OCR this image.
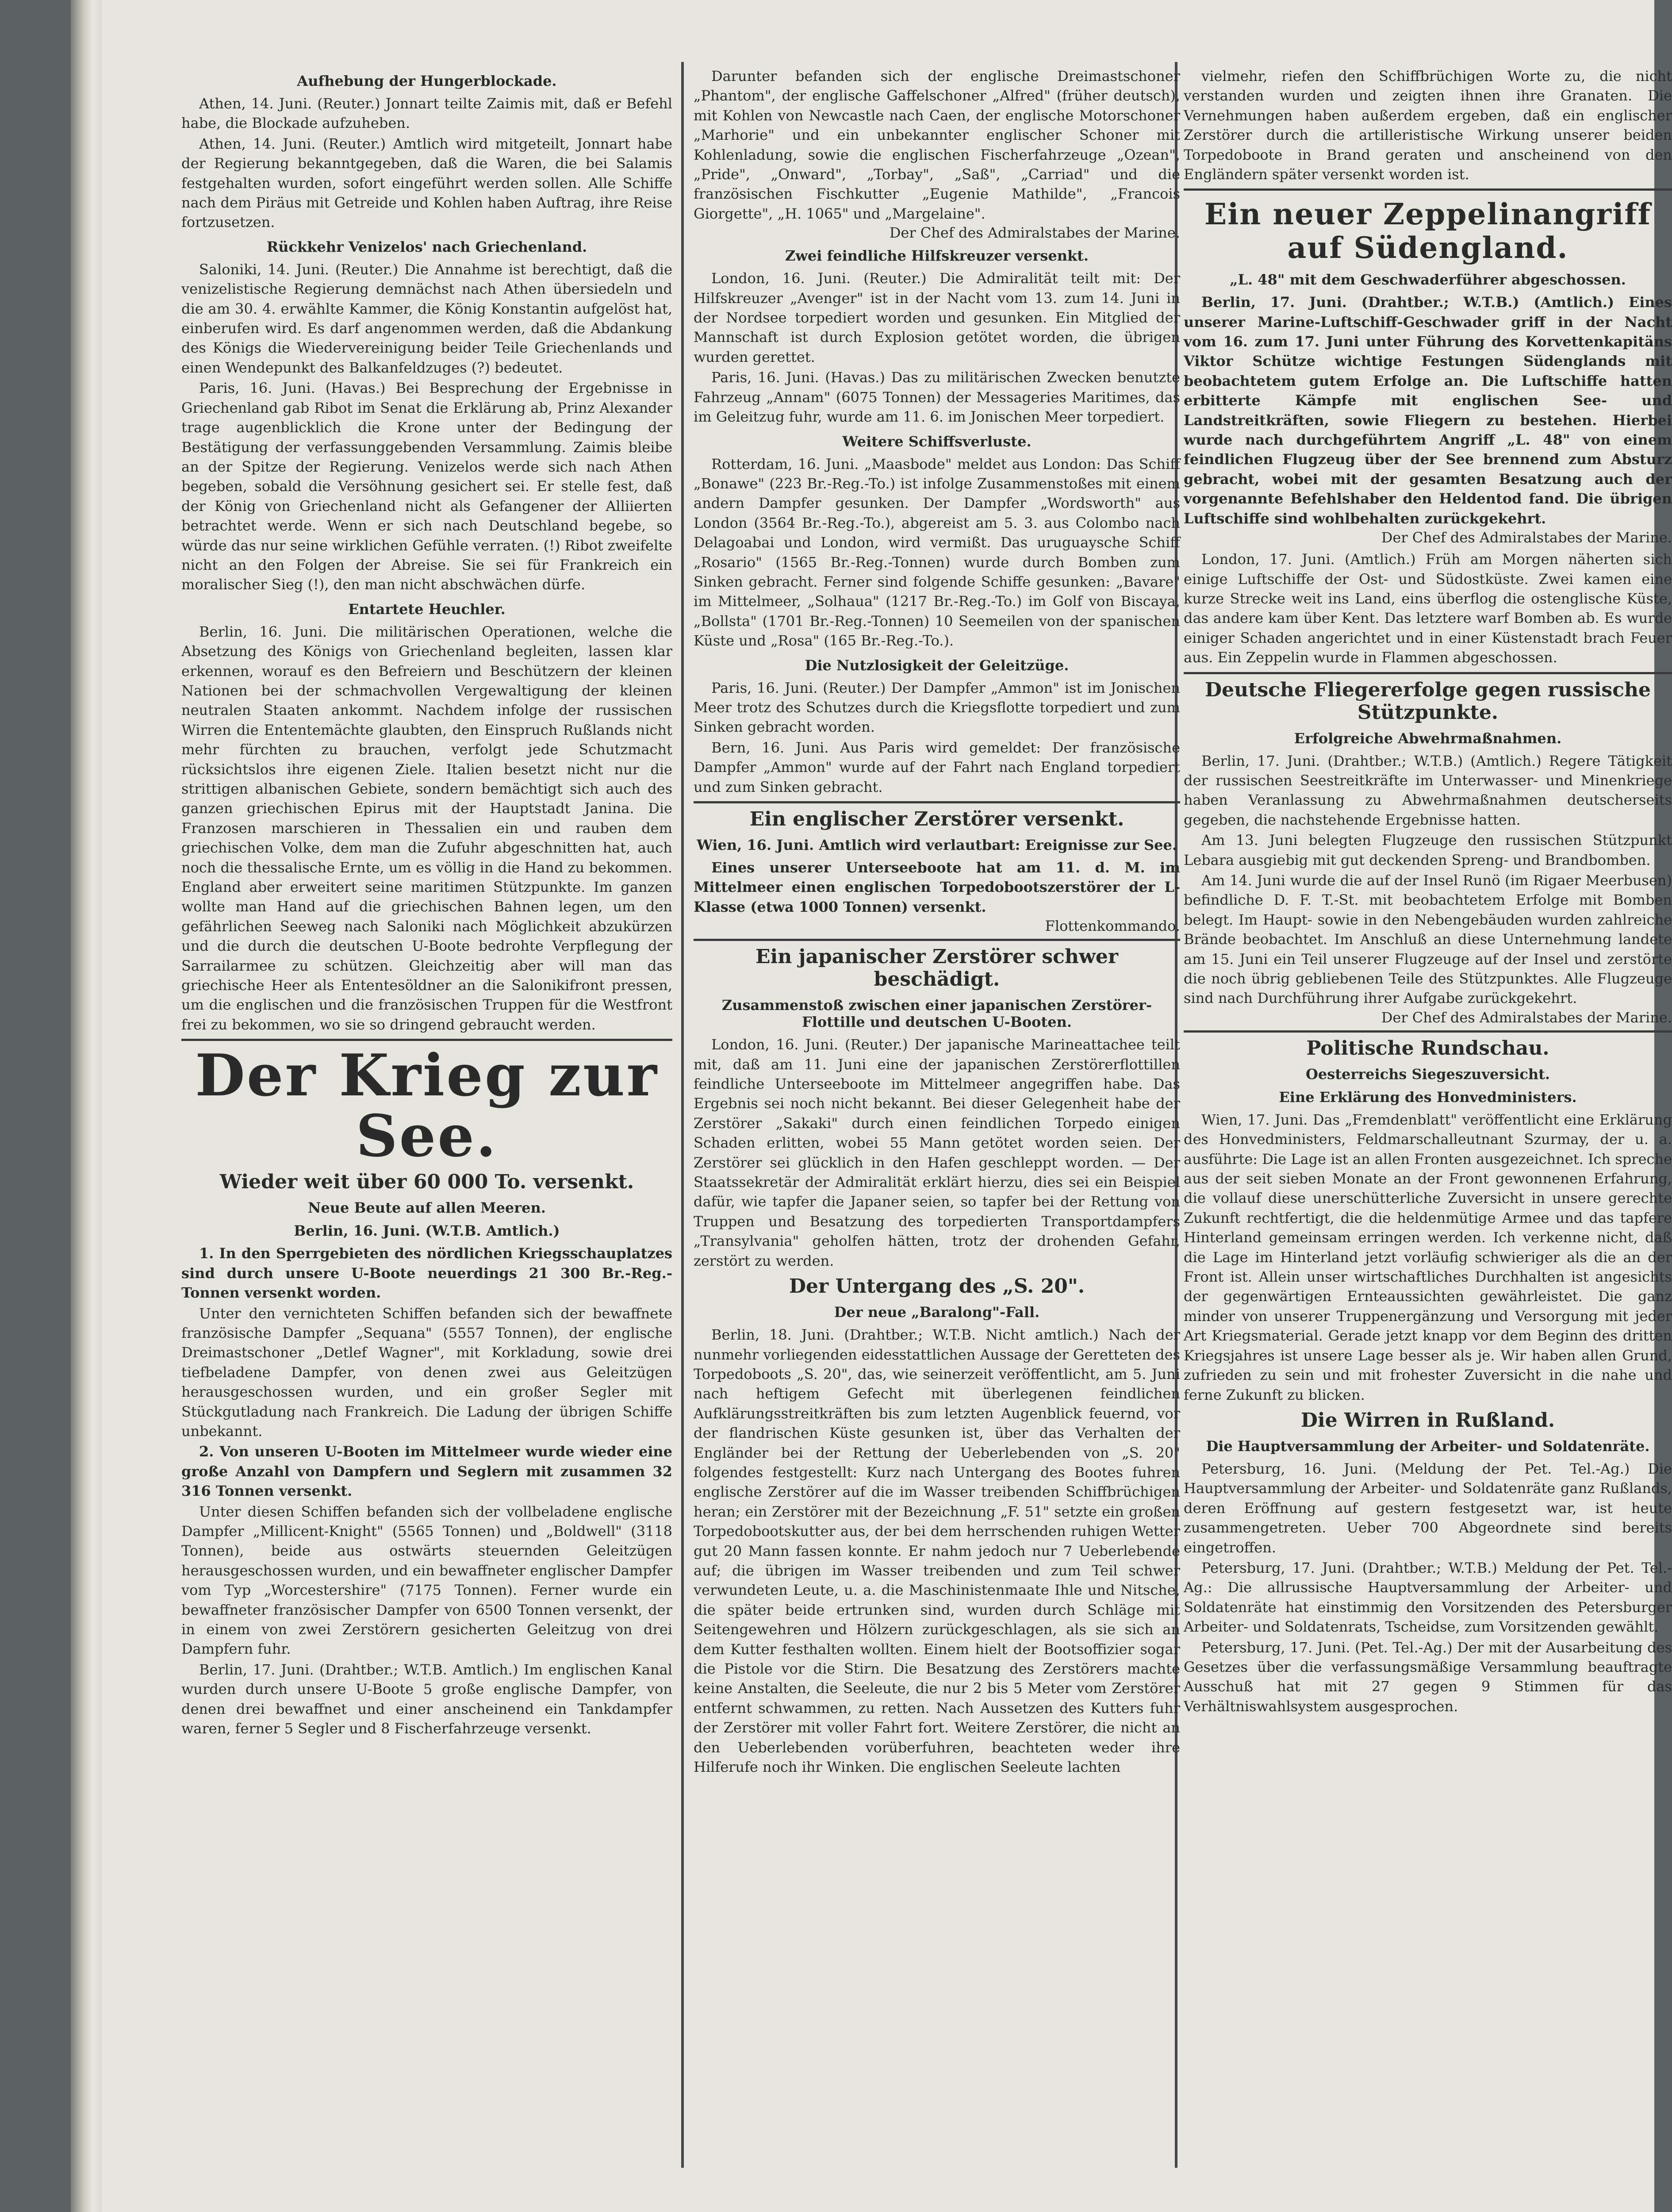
Aufhebung der Hungerblockade.
Athen, 14. Juni. (Reuter.) Jonnart teilte Zaimis mit, daß er Befehl habe, die Blockade aufzuheben.
Athen, 14. Juni. (Reuter.) Amtlich wird mitgeteilt, Jonnart habe der Regierung bekanntgegeben, daß die Waren, die bei Salamis festgehalten wurden, sofort eingeführt werden sollen. Alle Schiffe nach dem Piräus mit Getreide und Kohlen haben Auftrag, ihre Reise fortzusetzen.
Rückkehr Venizelos' nach Griechenland.
Saloniki, 14. Juni. (Reuter.) Die Annahme ist berechtigt, daß die venizelistische Regierung demnächst nach Athen übersiedeln und die am 30. 4. erwählte Kammer, die König Konstantin aufgelöst hat, einberufen wird. Es darf angenommen werden, daß die Abdankung des Königs die Wiedervereinigung beider Teile Griechenlands und einen Wendepunkt des Balkanfeldzuges (?) bedeutet.
Paris, 16. Juni. (Havas.) Bei Besprechung der Ergebnisse in Griechenland gab Ribot im Senat die Erklärung ab, Prinz Alexander trage augenblicklich die Krone unter der Bedingung der Bestätigung der verfassunggebenden Versammlung. Zaimis bleibe an der Spitze der Regierung. Venizelos werde sich nach Athen begeben, sobald die Versöhnung gesichert sei. Er stelle fest, daß der König von Griechenland nicht als Gefangener der Alliierten betrachtet werde. Wenn er sich nach Deutschland begebe, so würde das nur seine wirklichen Gefühle verraten. (!) Ribot zweifelte nicht an den Folgen der Abreise. Sie sei für Frankreich ein moralischer Sieg (!), den man nicht abschwächen dürfe.
Entartete Heuchler.
Berlin, 16. Juni. Die militärischen Operationen, welche die Absetzung des Königs von Griechenland begleiten, lassen klar erkennen, worauf es den Befreiern und Beschützern der kleinen Nationen bei der schmachvollen Vergewaltigung der kleinen neutralen Staaten ankommt. Nachdem infolge der russischen Wirren die Ententemächte glaubten, den Einspruch Rußlands nicht mehr fürchten zu brauchen, verfolgt jede Schutzmacht rücksichtslos ihre eigenen Ziele. Italien besetzt nicht nur die strittigen albanischen Gebiete, sondern bemächtigt sich auch des ganzen griechischen Epirus mit der Hauptstadt Janina. Die Franzosen marschieren in Thessalien ein und rauben dem griechischen Volke, dem man die Zufuhr abgeschnitten hat, auch noch die thessalische Ernte, um es völlig in die Hand zu bekommen. England aber erweitert seine maritimen Stützpunkte. Im ganzen wollte man Hand auf die griechischen Bahnen legen, um den gefährlichen Seeweg nach Saloniki nach Möglichkeit abzukürzen und die durch die deutschen U-Boote bedrohte Verpflegung der Sarrailarmee zu schützen. Gleichzeitig aber will man das griechische Heer als Ententesöldner an die Salonikifront pressen, um die englischen und die französischen Truppen für die Westfront frei zu bekommen, wo sie so dringend gebraucht werden.
Der Krieg zur See.
Wieder weit über 60 000 To. versenkt.
Neue Beute auf allen Meeren.
Berlin, 16. Juni. (W.T.B. Amtlich.)
1. In den Sperrgebieten des nördlichen Kriegsschauplatzes sind durch unsere U-Boote neuerdings 21 300 Br.-Reg.-Tonnen versenkt worden.
Unter den vernichteten Schiffen befanden sich der bewaffnete französische Dampfer „Sequana" (5557 Tonnen), der englische Dreimastschoner „Detlef Wagner", mit Korkladung, sowie drei tiefbeladene Dampfer, von denen zwei aus Geleitzügen herausgeschossen wurden, und ein großer Segler mit Stückgutladung nach Frankreich. Die Ladung der übrigen Schiffe unbekannt.
2. Von unseren U-Booten im Mittelmeer wurde wieder eine große Anzahl von Dampfern und Seglern mit zusammen 32 316 Tonnen versenkt.
Unter diesen Schiffen befanden sich der vollbeladene englische Dampfer „Millicent-Knight" (5565 Tonnen) und „Boldwell" (3118 Tonnen), beide aus ostwärts steuernden Geleitzügen herausgeschossen wurden, und ein bewaffneter englischer Dampfer vom Typ „Worcestershire" (7175 Tonnen). Ferner wurde ein bewaffneter französischer Dampfer von 6500 Tonnen versenkt, der in einem von zwei Zerstörern gesicherten Geleitzug von drei Dampfern fuhr.
Berlin, 17. Juni. (Drahtber.; W.T.B. Amtlich.) Im englischen Kanal wurden durch unsere U-Boote 5 große englische Dampfer, von denen drei bewaffnet und einer anscheinend ein Tankdampfer waren, ferner 5 Segler und 8 Fischerfahrzeuge versenkt.
Darunter befanden sich der englische Dreimastschoner „Phantom", der englische Gaffelschoner „Alfred" (früher deutsch), mit Kohlen von Newcastle nach Caen, der englische Motorschoner „Marhorie" und ein unbekannter englischer Schoner mit Kohlenladung, sowie die englischen Fischerfahrzeuge „Ozean", „Pride", „Onward", „Torbay", „Saß", „Carriad" und die französischen Fischkutter „Eugenie Mathilde", „Francois Giorgette", „H. 1065" und „Margelaine".
Der Chef des Admiralstabes der Marine.
Zwei feindliche Hilfskreuzer versenkt.
London, 16. Juni. (Reuter.) Die Admiralität teilt mit: Der Hilfskreuzer „Avenger" ist in der Nacht vom 13. zum 14. Juni in der Nordsee torpediert worden und gesunken. Ein Mitglied der Mannschaft ist durch Explosion getötet worden, die übrigen wurden gerettet.
Paris, 16. Juni. (Havas.) Das zu militärischen Zwecken benutzte Fahrzeug „Annam" (6075 Tonnen) der Messageries Maritimes, das im Geleitzug fuhr, wurde am 11. 6. im Jonischen Meer torpediert.
Weitere Schiffsverluste.
Rotterdam, 16. Juni. „Maasbode" meldet aus London: Das Schiff „Bonawe" (223 Br.-Reg.-To.) ist infolge Zusammenstoßes mit einem andern Dampfer gesunken. Der Dampfer „Wordsworth" aus London (3564 Br.-Reg.-To.), abgereist am 5. 3. aus Colombo nach Delagoabai und London, wird vermißt. Das uruguaysche Schiff „Rosario" (1565 Br.-Reg.-Tonnen) wurde durch Bomben zum Sinken gebracht. Ferner sind folgende Schiffe gesunken: „Bavare" im Mittelmeer, „Solhaua" (1217 Br.-Reg.-To.) im Golf von Biscaya, „Bollsta" (1701 Br.-Reg.-Tonnen) 10 Seemeilen von der spanischen Küste und „Rosa" (165 Br.-Reg.-To.).
Die Nutzlosigkeit der Geleitzüge.
Paris, 16. Juni. (Reuter.) Der Dampfer „Ammon" ist im Jonischen Meer trotz des Schutzes durch die Kriegsflotte torpediert und zum Sinken gebracht worden.
Bern, 16. Juni. Aus Paris wird gemeldet: Der französische Dampfer „Ammon" wurde auf der Fahrt nach England torpediert und zum Sinken gebracht.
Ein englischer Zerstörer versenkt.
Wien, 16. Juni. Amtlich wird verlautbart: Ereignisse zur See.
Eines unserer Unterseeboote hat am 11. d. M. im Mittelmeer einen englischen Torpedobootszerstörer der L-Klasse (etwa 1000 Tonnen) versenkt.
Flottenkommando.
Ein japanischer Zerstörer schwer beschädigt.
Zusammenstoß zwischen einer japanischen Zerstörer-Flottille und deutschen U-Booten.
London, 16. Juni. (Reuter.) Der japanische Marineattachee teilt mit, daß am 11. Juni eine der japanischen Zerstörerflottillen feindliche Unterseeboote im Mittelmeer angegriffen habe. Das Ergebnis sei noch nicht bekannt. Bei dieser Gelegenheit habe der Zerstörer „Sakaki" durch einen feindlichen Torpedo einigen Schaden erlitten, wobei 55 Mann getötet worden seien. Der Zerstörer sei glücklich in den Hafen geschleppt worden. — Der Staatssekretär der Admiralität erklärt hierzu, dies sei ein Beispiel dafür, wie tapfer die Japaner seien, so tapfer bei der Rettung von Truppen und Besatzung des torpedierten Transportdampfers „Transylvania" geholfen hätten, trotz der drohenden Gefahr, zerstört zu werden.
Der Untergang des „S. 20".
Der neue „Baralong"-Fall.
Berlin, 18. Juni. (Drahtber.; W.T.B. Nicht amtlich.) Nach der nunmehr vorliegenden eidesstattlichen Aussage der Geretteten des Torpedoboots „S. 20", das, wie seinerzeit veröffentlicht, am 5. Juni nach heftigem Gefecht mit überlegenen feindlichen Aufklärungsstreitkräften bis zum letzten Augenblick feuernd, vor der flandrischen Küste gesunken ist, über das Verhalten der Engländer bei der Rettung der Ueberlebenden von „S. 20" folgendes festgestellt: Kurz nach Untergang des Bootes fuhren englische Zerstörer auf die im Wasser treibenden Schiffbrüchigen heran; ein Zerstörer mit der Bezeichnung „F. 51" setzte ein großen Torpedobootskutter aus, der bei dem herrschenden ruhigen Wetter gut 20 Mann fassen konnte. Er nahm jedoch nur 7 Ueberlebende auf; die übrigen im Wasser treibenden und zum Teil schwer verwundeten Leute, u. a. die Maschinistenmaate Ihle und Nitsche, die später beide ertrunken sind, wurden durch Schläge mit Seitengewehren und Hölzern zurückgeschlagen, als sie sich an dem Kutter festhalten wollten. Einem hielt der Bootsoffizier sogar die Pistole vor die Stirn. Die Besatzung des Zerstörers machte keine Anstalten, die Seeleute, die nur 2 bis 5 Meter vom Zerstörer entfernt schwammen, zu retten. Nach Aussetzen des Kutters fuhr der Zerstörer mit voller Fahrt fort. Weitere Zerstörer, die nicht an den Ueberlebenden vorüberfuhren, beachteten weder ihre Hilferufe noch ihr Winken. Die englischen Seeleute lachten
vielmehr, riefen den Schiffbrüchigen Worte zu, die nicht verstanden wurden und zeigten ihnen ihre Granaten. Die Vernehmungen haben außerdem ergeben, daß ein englischer Zerstörer durch die artilleristische Wirkung unserer beiden Torpedoboote in Brand geraten und anscheinend von den Engländern später versenkt worden ist.
Ein neuer Zeppelinangriff auf Südengland.
„L. 48" mit dem Geschwaderführer abgeschossen.
Berlin, 17. Juni. (Drahtber.; W.T.B.) (Amtlich.) Eines unserer Marine-Luftschiff-Geschwader griff in der Nacht vom 16. zum 17. Juni unter Führung des Korvettenkapitäns Viktor Schütze wichtige Festungen Südenglands mit beobachtetem gutem Erfolge an. Die Luftschiffe hatten erbitterte Kämpfe mit englischen See- und Landstreitkräften, sowie Fliegern zu bestehen. Hierbei wurde nach durchgeführtem Angriff „L. 48" von einem feindlichen Flugzeug über der See brennend zum Absturz gebracht, wobei mit der gesamten Besatzung auch der vorgenannte Befehlshaber den Heldentod fand. Die übrigen Luftschiffe sind wohlbehalten zurückgekehrt.
Der Chef des Admiralstabes der Marine.
London, 17. Juni. (Amtlich.) Früh am Morgen näherten sich einige Luftschiffe der Ost- und Südostküste. Zwei kamen eine kurze Strecke weit ins Land, eins überflog die ostenglische Küste, das andere kam über Kent. Das letztere warf Bomben ab. Es wurde einiger Schaden angerichtet und in einer Küstenstadt brach Feuer aus. Ein Zeppelin wurde in Flammen abgeschossen.
Deutsche Fliegererfolge gegen russische Stützpunkte.
Erfolgreiche Abwehrmaßnahmen.
Berlin, 17. Juni. (Drahtber.; W.T.B.) (Amtlich.) Regere Tätigkeit der russischen Seestreitkräfte im Unterwasser- und Minenkriege haben Veranlassung zu Abwehrmaßnahmen deutscherseits gegeben, die nachstehende Ergebnisse hatten.
Am 13. Juni belegten Flugzeuge den russischen Stützpunkt Lebara ausgiebig mit gut deckenden Spreng- und Brandbomben.
Am 14. Juni wurde die auf der Insel Runö (im Rigaer Meerbusen) befindliche D. F. T.-St. mit beobachtetem Erfolge mit Bomben belegt. Im Haupt- sowie in den Nebengebäuden wurden zahlreiche Brände beobachtet. Im Anschluß an diese Unternehmung landete am 15. Juni ein Teil unserer Flugzeuge auf der Insel und zerstörte die noch übrig gebliebenen Teile des Stützpunktes. Alle Flugzeuge sind nach Durchführung ihrer Aufgabe zurückgekehrt.
Der Chef des Admiralstabes der Marine.
Politische Rundschau.
Oesterreichs Siegeszuversicht.
Eine Erklärung des Honvedministers.
Wien, 17. Juni. Das „Fremdenblatt" veröffentlicht eine Erklärung des Honvedministers, Feldmarschalleutnant Szurmay, der u. a. ausführte: Die Lage ist an allen Fronten ausgezeichnet. Ich spreche aus der seit sieben Monate an der Front gewonnenen Erfahrung, die vollauf diese unerschütterliche Zuversicht in unsere gerechte Zukunft rechtfertigt, die die heldenmütige Armee und das tapfere Hinterland gemeinsam erringen werden. Ich verkenne nicht, daß die Lage im Hinterland jetzt vorläufig schwieriger als die an der Front ist. Allein unser wirtschaftliches Durchhalten ist angesichts der gegenwärtigen Ernteaussichten gewährleistet. Die ganz minder von unserer Truppenergänzung und Versorgung mit jeder Art Kriegsmaterial. Gerade jetzt knapp vor dem Beginn des dritten Kriegsjahres ist unsere Lage besser als je. Wir haben allen Grund, zufrieden zu sein und mit frohester Zuversicht in die nahe und ferne Zukunft zu blicken.
Die Wirren in Rußland.
Die Hauptversammlung der Arbeiter- und Soldatenräte.
Petersburg, 16. Juni. (Meldung der Pet. Tel.-Ag.) Die Hauptversammlung der Arbeiter- und Soldatenräte ganz Rußlands, deren Eröffnung auf gestern festgesetzt war, ist heute zusammengetreten. Ueber 700 Abgeordnete sind bereits eingetroffen.
Petersburg, 17. Juni. (Drahtber.; W.T.B.) Meldung der Pet. Tel.-Ag.: Die allrussische Hauptversammlung der Arbeiter- und Soldatenräte hat einstimmig den Vorsitzenden des Petersburger Arbeiter- und Soldatenrats, Tscheidse, zum Vorsitzenden gewählt.
Petersburg, 17. Juni. (Pet. Tel.-Ag.) Der mit der Ausarbeitung des Gesetzes über die verfassungsmäßige Versammlung beauftragte Ausschuß hat mit 27 gegen 9 Stimmen für das Verhältniswahlsystem ausgesprochen.
